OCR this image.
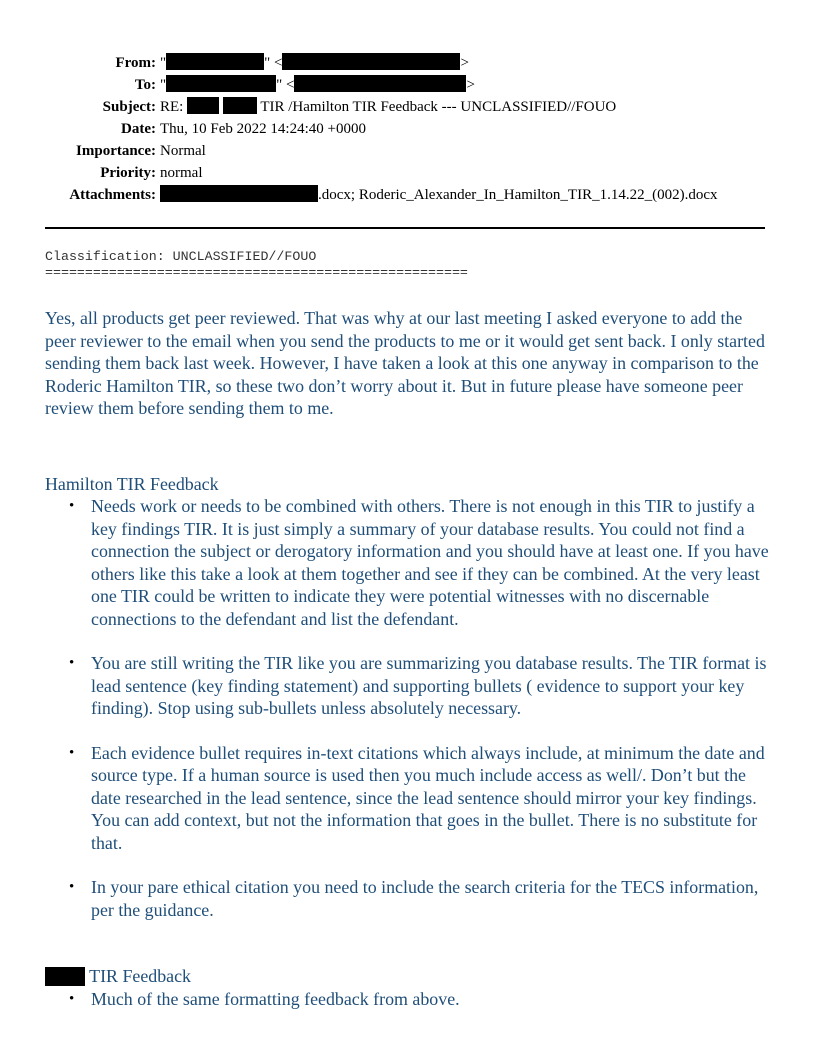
From: "	" <	>
To: "	" <	>
Subject: RE:	TIR /Hamilton TIR Feedback --- UNCLASSIFIED//FOUO
Date: Thu, 10 Feb 2022 14:24:40 +0000
Importance: Normal
Priority: normal
Attachments:	.docx; Roderic_Alexander_In_Hamilton_TIR_1.14.22_(002).docx
Classification: UNCLASSIFIED//FOUO
=====================================================

Yes, all products get peer reviewed. That was why at our last meeting I asked everyone to add the peer reviewer to the email when you send the products to me or it would get sent back. I only started sending them back last week. However, I have taken a look at this one anyway in comparison to the Roderic Hamilton TIR, so these two don’t worry about it. But in future please have someone peer review them before sending them to me.

Hamilton TIR Feedback
• Needs work or needs to be combined with others. There is not enough in this TIR to justify a key findings TIR. It is just simply a summary of your database results. You could not find a connection the subject or derogatory information and you should have at least one. If you have others like this take a look at them together and see if they can be combined. At the very least one TIR could be written to indicate they were potential witnesses with no discernable connections to the defendant and list the defendant.
• You are still writing the TIR like you are summarizing you database results. The TIR format is lead sentence (key finding statement) and supporting bullets ( evidence to support your key finding). Stop using sub-bullets unless absolutely necessary.
• Each evidence bullet requires in-text citations which always include, at minimum the date and source type. If a human source is used then you much include access as well/. Don’t but the date researched in the lead sentence, since the lead sentence should mirror your key findings. You can add context, but not the information that goes in the bullet. There is no substitute for that.
• In your pare ethical citation you need to include the search criteria for the TECS information, per the guidance.
TIR Feedback
• Much of the same formatting feedback from above.
